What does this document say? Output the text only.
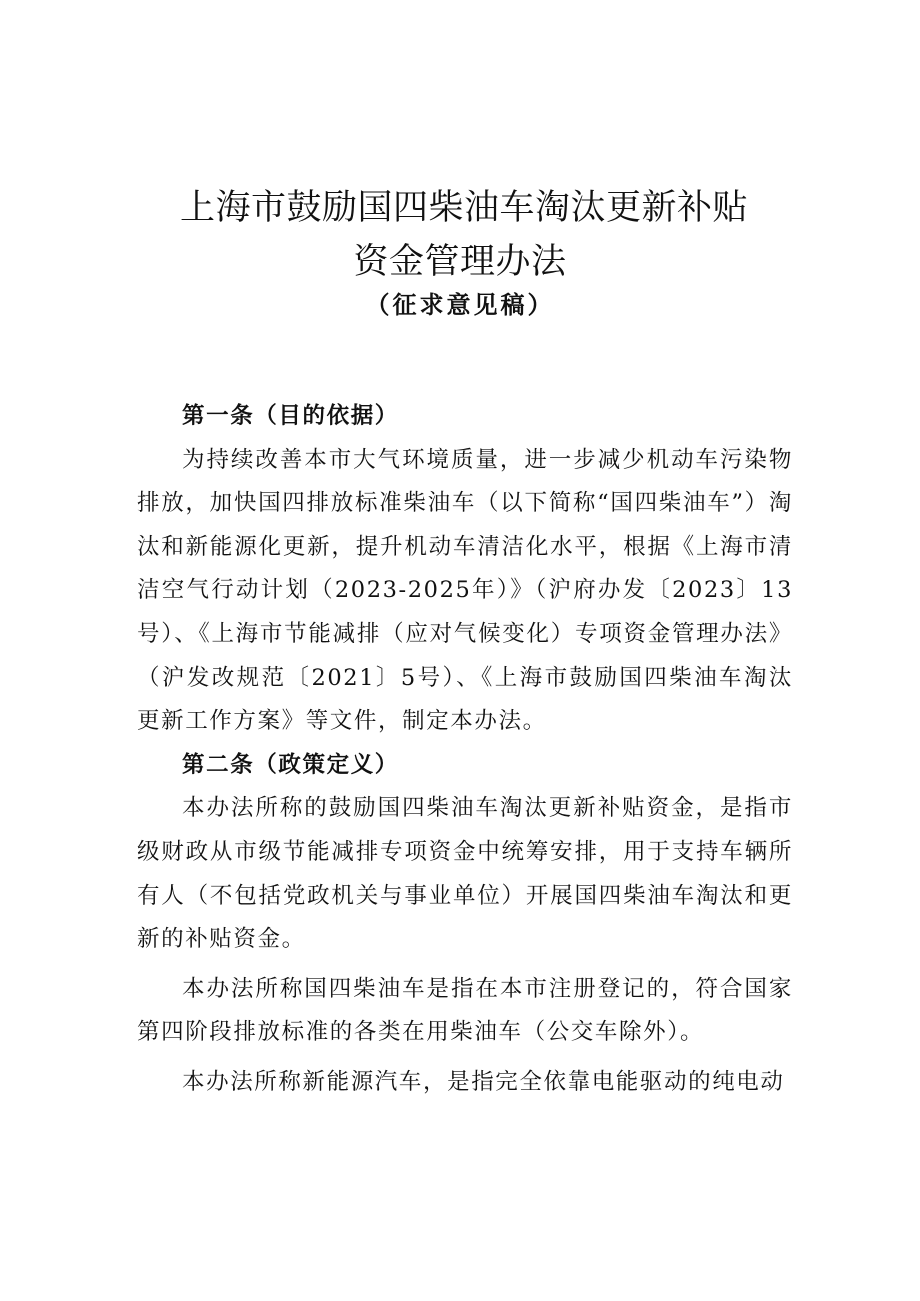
上海市鼓励国四柴油车淘汰更新补贴
资金管理办法
（征求意见稿）

第一条（目的依据）

为持续改善本市大气环境质量，进一步减少机动车污染物排放，加快国四排放标准柴油车（以下简称“国四柴油车”）淘汰和新能源化更新，提升机动车清洁化水平，根据《上海市清洁空气行动计划（2023-2025年）》（沪府办发〔2023〕13号）、《上海市节能减排（应对气候变化）专项资金管理办法》（沪发改规范〔2021〕5号）、《上海市鼓励国四柴油车淘汰更新工作方案》等文件，制定本办法。

第二条（政策定义）

本办法所称的鼓励国四柴油车淘汰更新补贴资金，是指市级财政从市级节能减排专项资金中统筹安排，用于支持车辆所有人（不包括党政机关与事业单位）开展国四柴油车淘汰和更新的补贴资金。

本办法所称国四柴油车是指在本市注册登记的，符合国家第四阶段排放标准的各类在用柴油车（公交车除外）。

本办法所称新能源汽车，是指完全依靠电能驱动的纯电动
